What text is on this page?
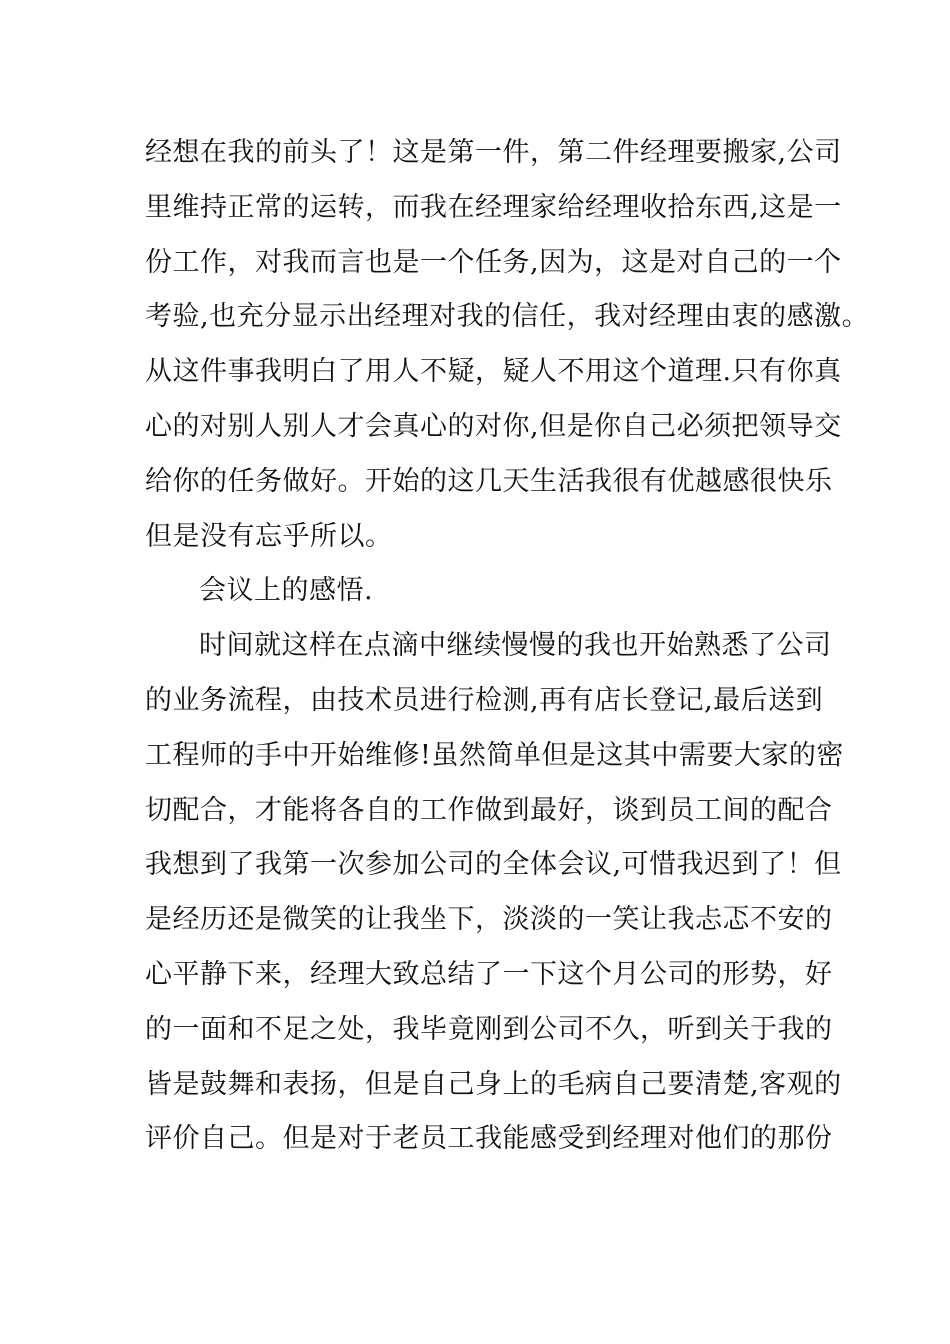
经想在我的前头了！这是第一件，第二件经理要搬家,公司
里维持正常的运转，而我在经理家给经理收拾东西,这是一
份工作，对我而言也是一个任务,因为，这是对自己的一个
考验,也充分显示出经理对我的信任，我对经理由衷的感激。
从这件事我明白了用人不疑，疑人不用这个道理.只有你真
心的对别人别人才会真心的对你,但是你自己必须把领导交
给你的任务做好。开始的这几天生活我很有优越感很快乐
但是没有忘乎所以。
会议上的感悟.
时间就这样在点滴中继续慢慢的我也开始熟悉了公司
的业务流程，由技术员进行检测,再有店长登记,最后送到
工程师的手中开始维修!虽然简单但是这其中需要大家的密
切配合，才能将各自的工作做到最好，谈到员工间的配合
我想到了我第一次参加公司的全体会议,可惜我迟到了！但
是经历还是微笑的让我坐下，淡淡的一笑让我忐忑不安的
心平静下来，经理大致总结了一下这个月公司的形势，好
的一面和不足之处，我毕竟刚到公司不久，听到关于我的
皆是鼓舞和表扬，但是自己身上的毛病自己要清楚,客观的
评价自己。但是对于老员工我能感受到经理对他们的那份
